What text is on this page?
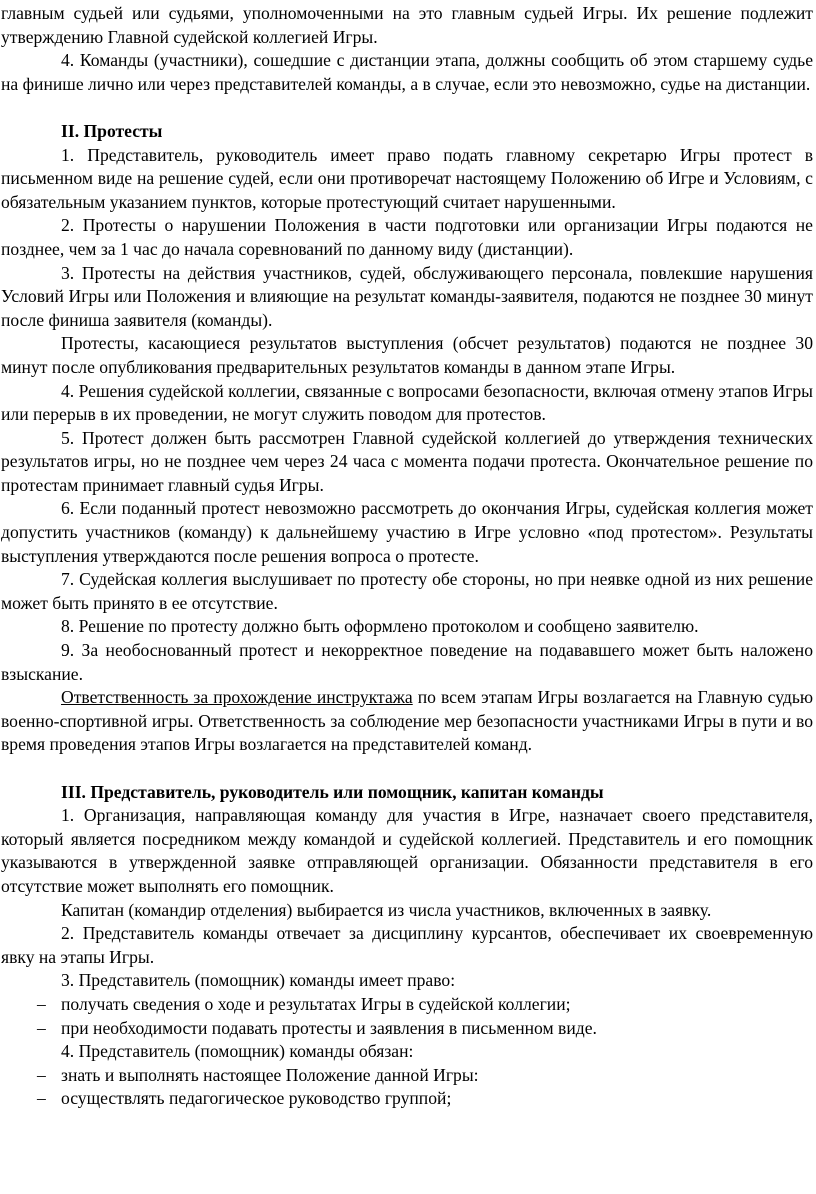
главным судьей или судьями, уполномоченными на это главным судьей Игры. Их решение подлежит утверждению Главной судейской коллегией Игры.

4. Команды (участники), сошедшие с дистанции этапа, должны сообщить об этом старшему судье на финише лично или через представителей команды, а в случае, если это невозможно, судье на дистанции.

II. Протесты

1. Представитель, руководитель имеет право подать главному секретарю Игры протест в письменном виде на решение судей, если они противоречат настоящему Положению об Игре и Условиям, с обязательным указанием пунктов, которые протестующий считает нарушенными.

2. Протесты о нарушении Положения в части подготовки или организации Игры подаются не позднее, чем за 1 час до начала соревнований по данному виду (дистанции).

3. Протесты на действия участников, судей, обслуживающего персонала, повлекшие нарушения Условий Игры или Положения и влияющие на результат команды-заявителя, подаются не позднее 30 минут после финиша заявителя (команды).

Протесты, касающиеся результатов выступления (обсчет результатов) подаются не позднее 30 минут после опубликования предварительных результатов команды в данном этапе Игры.

4. Решения судейской коллегии, связанные с вопросами безопасности, включая отмену этапов Игры или перерыв в их проведении, не могут служить поводом для протестов.

5. Протест должен быть рассмотрен Главной судейской коллегией до утверждения технических результатов игры, но не позднее чем через 24 часа с момента подачи протеста. Окончательное решение по протестам принимает главный судья Игры.

6. Если поданный протест невозможно рассмотреть до окончания Игры, судейская коллегия может допустить участников (команду) к дальнейшему участию в Игре условно «под протестом». Результаты выступления утверждаются после решения вопроса о протесте.

7. Судейская коллегия выслушивает по протесту обе стороны, но при неявке одной из них решение может быть принято в ее отсутствие.

8. Решение по протесту должно быть оформлено протоколом и сообщено заявителю.

9. За необоснованный протест и некорректное поведение на подававшего может быть наложено взыскание.

Ответственность за прохождение инструктажа по всем этапам Игры возлагается на Главную судью военно-спортивной игры. Ответственность за соблюдение мер безопасности участниками Игры в пути и во время проведения этапов Игры возлагается на представителей команд.

III. Представитель, руководитель или помощник, капитан команды

1. Организация, направляющая команду для участия в Игре, назначает своего представителя, который является посредником между командой и судейской коллегией. Представитель и его помощник указываются в утвержденной заявке отправляющей организации. Обязанности представителя в его отсутствие может выполнять его помощник.

Капитан (командир отделения) выбирается из числа участников, включенных в заявку.

2. Представитель команды отвечает за дисциплину курсантов, обеспечивает их своевременную явку на этапы Игры.

3. Представитель (помощник) команды имеет право:

– получать сведения о ходе и результатах Игры в судейской коллегии;
– при необходимости подавать протесты и заявления в письменном виде.

4. Представитель (помощник) команды обязан:

– знать и выполнять настоящее Положение данной Игры:
– осуществлять педагогическое руководство группой;
